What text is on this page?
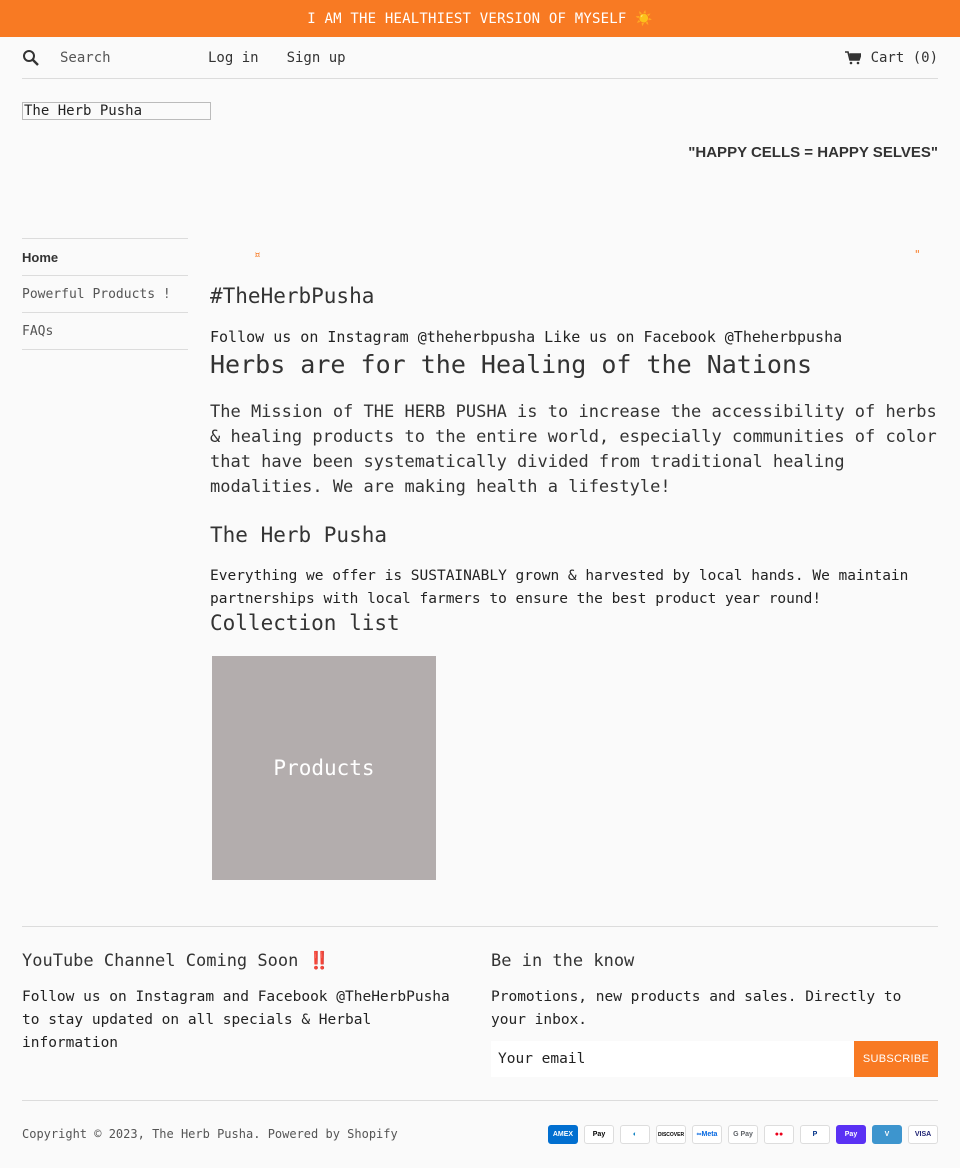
I AM THE HEALTHIEST VERSION OF MYSELF ☀️
Search
Log in Sign up	Cart (0)
The Herb Pusha
"HAPPY CELLS = HAPPY SELVES"
Home
Powerful Products !
FAQs
¤	"
#TheHerbPusha

Follow us on Instagram @theherbpusha Like us on Facebook @Theherbpusha

Herbs are for the Healing of the Nations

The Mission of THE HERB PUSHA is to increase the accessibility of herbs & healing products to the entire world, especially communities of color that have been systematically divided from traditional healing modalities. We are making health a lifestyle!

The Herb Pusha

Everything we offer is SUSTAINABLY grown & harvested by local hands. We maintain partnerships with local farmers to ensure the best product year round!

Collection list
Products
YouTube Channel Coming Soon ‼️

Follow us on Instagram and Facebook @TheHerbPusha to stay updated on all specials & Herbal information

Be in the know

Promotions, new products and sales. Directly to your inbox.

Your email
SUBSCRIBE
Copyright © 2023, The Herb Pusha. Powered by Shopify	AMEX	Pay	◐	DISCOVER	∞Meta	G Pay	●●	P	Pay	V	VISA
